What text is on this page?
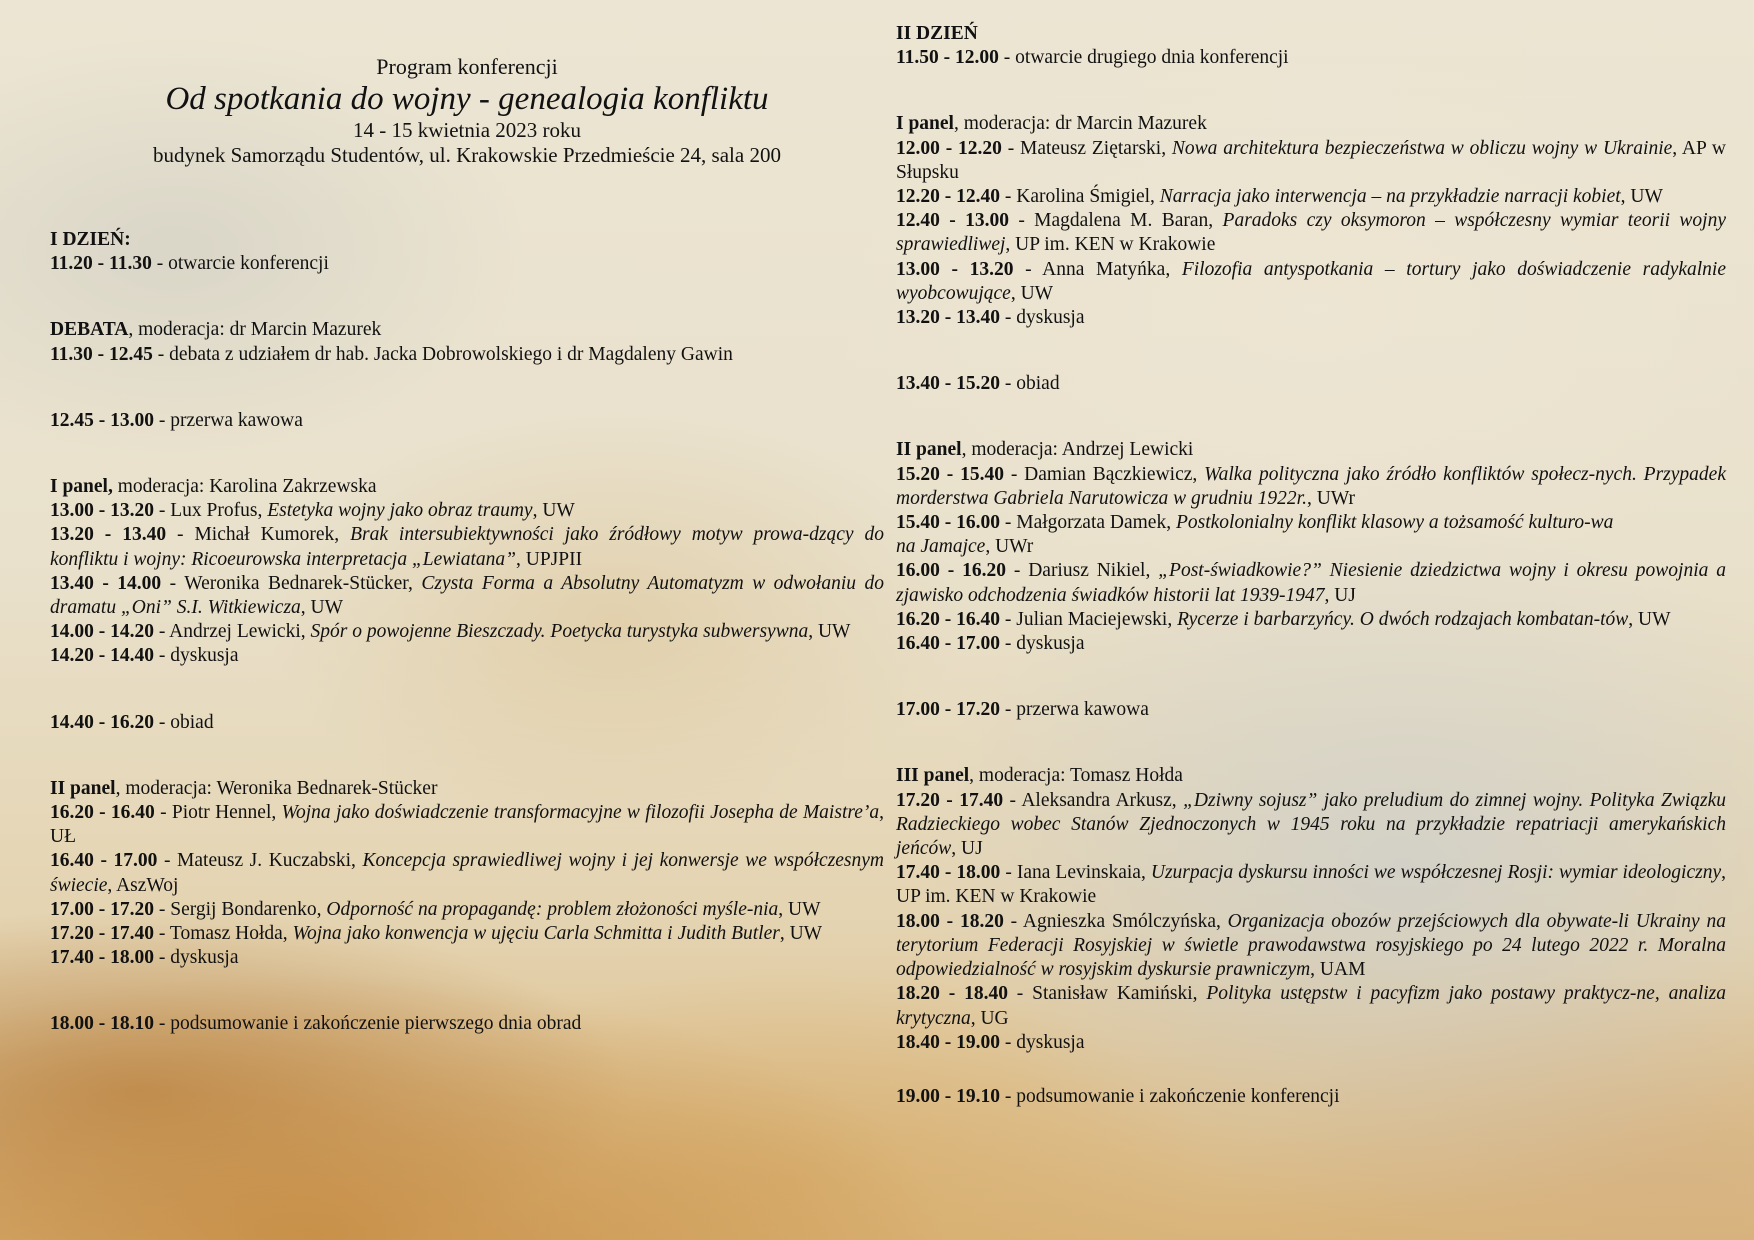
Program konferencji
Od spotkania do wojny - genealogia konfliktu
14 - 15 kwietnia 2023 roku
budynek Samorządu Studentów, ul. Krakowskie Przedmieście 24, sala 200
I DZIEŃ:
11.20 - 11.30 - otwarcie konferencji
DEBATA, moderacja: dr Marcin Mazurek
11.30 - 12.45 - debata z udziałem dr hab. Jacka Dobrowolskiego i dr Magdaleny Gawin
12.45 - 13.00 - przerwa kawowa
I panel, moderacja: Karolina Zakrzewska
13.00 - 13.20 - Lux Profus, Estetyka wojny jako obraz traumy, UW
13.20 - 13.40 - Michał Kumorek, Brak intersubiektywności jako źródłowy motyw prowa-dzący do konfliktu i wojny: Ricoeurowska interpretacja „Lewiatana”, UPJPII
13.40 - 14.00 - Weronika Bednarek-Stücker, Czysta Forma a Absolutny Automatyzm w odwołaniu do dramatu „Oni” S.I. Witkiewicza, UW
14.00 - 14.20 - Andrzej Lewicki, Spór o powojenne Bieszczady. Poetycka turystyka subwersywna, UW
14.20 - 14.40 - dyskusja
14.40 - 16.20 - obiad
II panel, moderacja: Weronika Bednarek-Stücker
16.20 - 16.40 - Piotr Hennel, Wojna jako doświadczenie transformacyjne w filozofii Josepha de Maistre’a, UŁ
16.40 - 17.00 - Mateusz J. Kuczabski, Koncepcja sprawiedliwej wojny i jej konwersje we współczesnym świecie, AszWoj
17.00 - 17.20 - Sergij Bondarenko, Odporność na propagandę: problem złożoności myśle-nia, UW
17.20 - 17.40 - Tomasz Hołda, Wojna jako konwencja w ujęciu Carla Schmitta i Judith Butler, UW
17.40 - 18.00 - dyskusja
18.00 - 18.10 - podsumowanie i zakończenie pierwszego dnia obrad
II DZIEŃ
11.50 - 12.00 - otwarcie drugiego dnia konferencji
I panel, moderacja: dr Marcin Mazurek
12.00 - 12.20 - Mateusz Ziętarski, Nowa architektura bezpieczeństwa w obliczu wojny w Ukrainie, AP w Słupsku
12.20 - 12.40 - Karolina Śmigiel, Narracja jako interwencja – na przykładzie narracji kobiet, UW
12.40 - 13.00 - Magdalena M. Baran, Paradoks czy oksymoron – współczesny wymiar teorii wojny sprawiedliwej, UP im. KEN w Krakowie
13.00 - 13.20 - Anna Matyńka, Filozofia antyspotkania – tortury jako doświadczenie radykalnie wyobcowujące, UW
13.20 - 13.40 - dyskusja
13.40 - 15.20 - obiad
II panel, moderacja: Andrzej Lewicki
15.20 - 15.40 - Damian Bączkiewicz, Walka polityczna jako źródło konfliktów społecz-nych. Przypadek morderstwa Gabriela Narutowicza w grudniu 1922r., UWr
15.40 - 16.00 - Małgorzata Damek, Postkolonialny konflikt klasowy a tożsamość kulturo-wa
na Jamajce, UWr
16.00 - 16.20 - Dariusz Nikiel, „Post-świadkowie?” Niesienie dziedzictwa wojny i okresu powojnia a zjawisko odchodzenia świadków historii lat 1939-1947, UJ
16.20 - 16.40 - Julian Maciejewski, Rycerze i barbarzyńcy. O dwóch rodzajach kombatan-tów, UW
16.40 - 17.00 - dyskusja
17.00 - 17.20 - przerwa kawowa
III panel, moderacja: Tomasz Hołda
17.20 - 17.40 - Aleksandra Arkusz, „Dziwny sojusz” jako preludium do zimnej wojny. Polityka Związku Radzieckiego wobec Stanów Zjednoczonych w 1945 roku na przykładzie repatriacji amerykańskich jeńców, UJ
17.40 - 18.00 - Iana Levinskaia, Uzurpacja dyskursu inności we współczesnej Rosji: wymiar ideologiczny, UP im. KEN w Krakowie
18.00 - 18.20 - Agnieszka Smólczyńska, Organizacja obozów przejściowych dla obywate-li Ukrainy na terytorium Federacji Rosyjskiej w świetle prawodawstwa rosyjskiego po 24 lutego 2022 r. Moralna odpowiedzialność w rosyjskim dyskursie prawniczym, UAM
18.20 - 18.40 - Stanisław Kamiński, Polityka ustępstw i pacyfizm jako postawy praktycz-ne, analiza krytyczna, UG
18.40 - 19.00 - dyskusja
19.00 - 19.10 - podsumowanie i zakończenie konferencji
